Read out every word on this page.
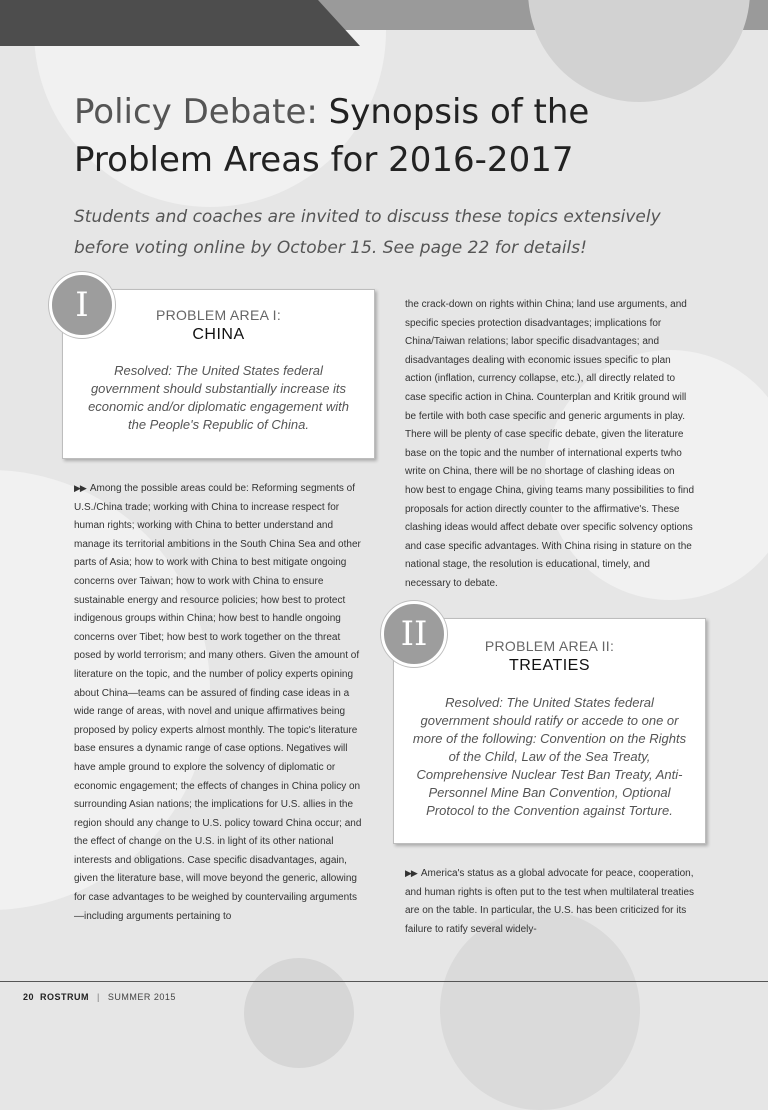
Policy Debate: Synopsis of the Problem Areas for 2016-2017

Students and coaches are invited to discuss these topics extensively before voting online by October 15. See page 22 for details!

PROBLEM AREA I:

CHINA

Resolved: The United States federal government should substantially increase its economic and/or diplomatic engagement with the People's Republic of China.

I

▶▶ Among the possible areas could be: Reforming segments of U.S./China trade; working with China to increase respect for human rights; working with China to better understand and manage its territorial ambitions in the South China Sea and other parts of Asia; how to work with China to best mitigate ongoing concerns over Taiwan; how to work with China to ensure sustainable energy and resource policies; how best to protect indigenous groups within China; how best to handle ongoing concerns over Tibet; how best to work together on the threat posed by world terrorism; and many others. Given the amount of literature on the topic, and the number of policy experts opining about China—teams can be assured of finding case ideas in a wide range of areas, with novel and unique affirmatives being proposed by policy experts almost monthly. The topic's literature base ensures a dynamic range of case options. Negatives will have ample ground to explore the solvency of diplomatic or economic engagement; the effects of changes in China policy on surrounding Asian nations; the implications for U.S. allies in the region should any change to U.S. policy toward China occur; and the effect of change on the U.S. in light of its other national interests and obligations. Case specific disadvantages, again, given the literature base, will move beyond the generic, allowing for case advantages to be weighed by countervailing arguments—including arguments pertaining to

the crack-down on rights within China; land use arguments, and specific species protection disadvantages; implications for China/Taiwan relations; labor specific disadvantages; and disadvantages dealing with economic issues specific to plan action (inflation, currency collapse, etc.), all directly related to case specific action in China. Counterplan and Kritik ground will be fertile with both case specific and generic arguments in play. There will be plenty of case specific debate, given the literature base on the topic and the number of international experts twho write on China, there will be no shortage of clashing ideas on how best to engage China, giving teams many possibilities to find proposals for action directly counter to the affirmative's. These clashing ideas would affect debate over specific solvency options and case specific advantages. With China rising in stature on the national stage, the resolution is educational, timely, and necessary to debate.

PROBLEM AREA II:

TREATIES

Resolved: The United States federal government should ratify or accede to one or more of the following: Convention on the Rights of the Child, Law of the Sea Treaty, Comprehensive Nuclear Test Ban Treaty, Anti-Personnel Mine Ban Convention, Optional Protocol to the Convention against Torture.

II

▶▶ America's status as a global advocate for peace, cooperation, and human rights is often put to the test when multilateral treaties are on the table. In particular, the U.S. has been criticized for its failure to ratify several widely-

20 ROSTRUM | SUMMER 2015
